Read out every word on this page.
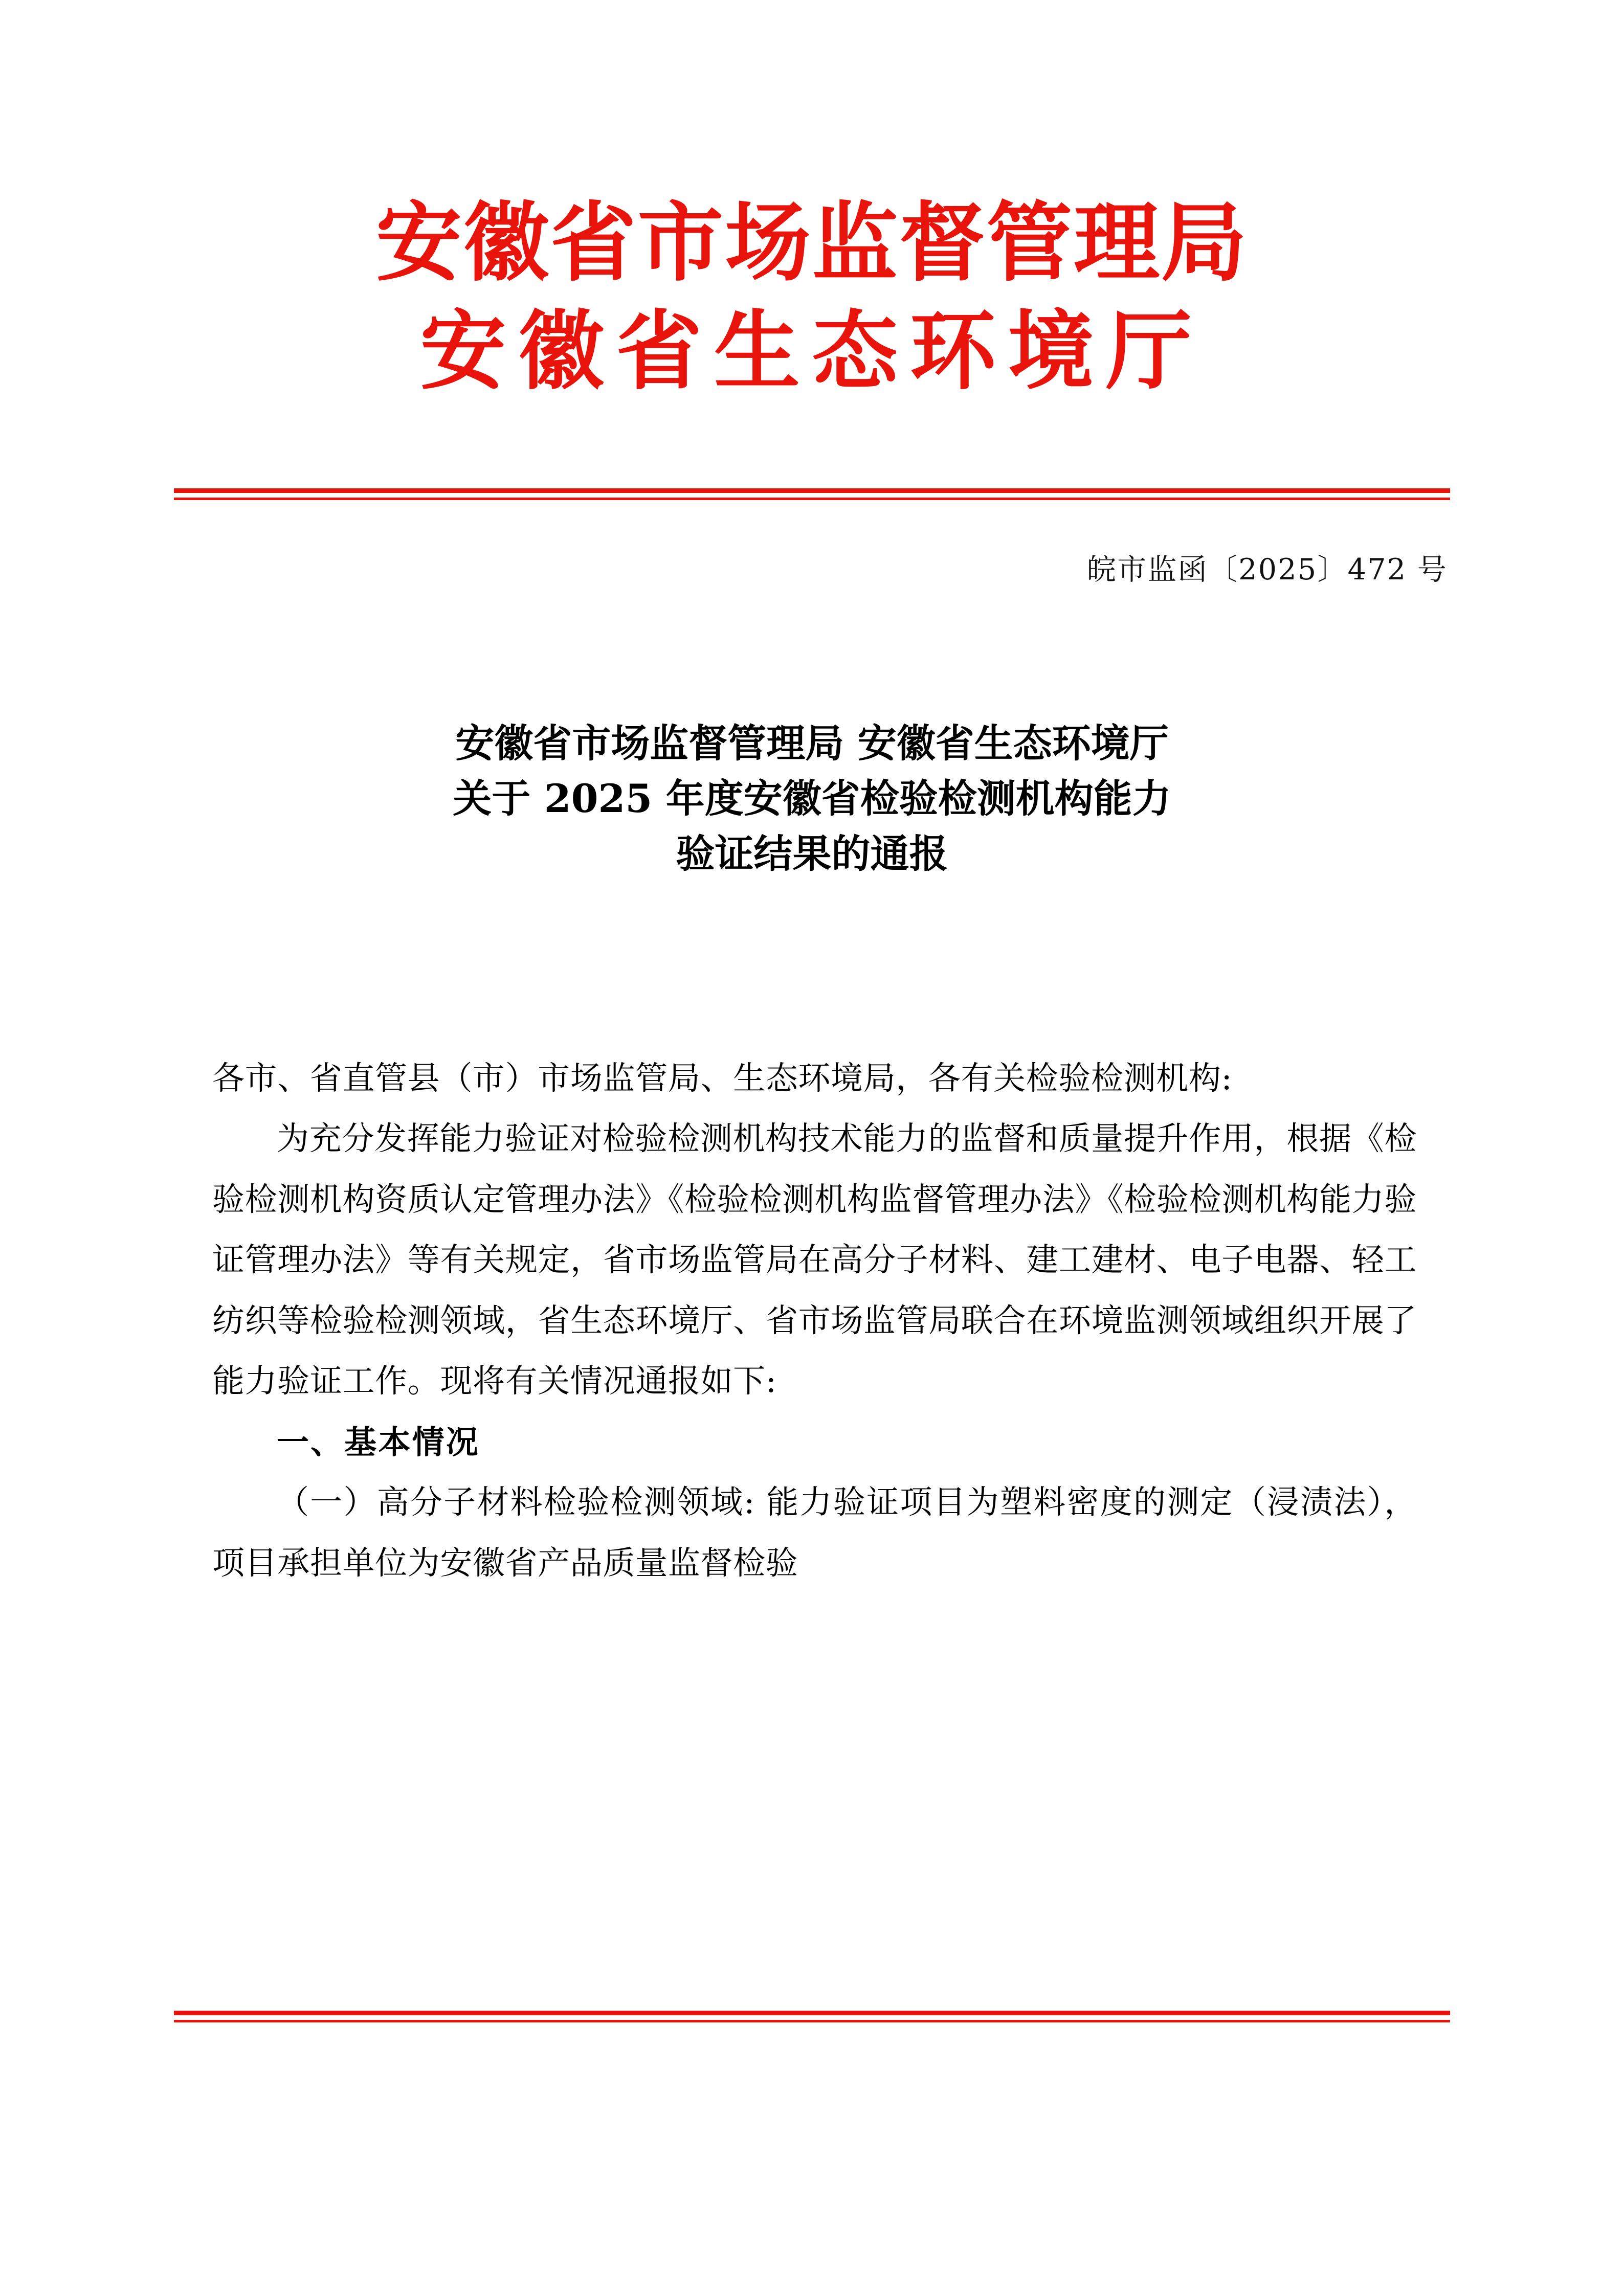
安徽省市场监督管理局
安徽省生态环境厅
皖市监函〔2025〕472 号
安徽省市场监督管理局 安徽省生态环境厅
关于 2025 年度安徽省检验检测机构能力
验证结果的通报

各市、省直管县（市）市场监管局、生态环境局，各有关检验检测机构:

为充分发挥能力验证对检验检测机构技术能力的监督和质量提升作用，根据《检验检测机构资质认定管理办法》《检验检测机构监督管理办法》《检验检测机构能力验证管理办法》等有关规定，省市场监管局在高分子材料、建工建材、电子电器、轻工纺织等检验检测领域，省生态环境厅、省市场监管局联合在环境监测领域组织开展了能力验证工作。现将有关情况通报如下:

一、基本情况

（一）高分子材料检验检测领域: 能力验证项目为塑料密度的测定（浸渍法），项目承担单位为安徽省产品质量监督检验
